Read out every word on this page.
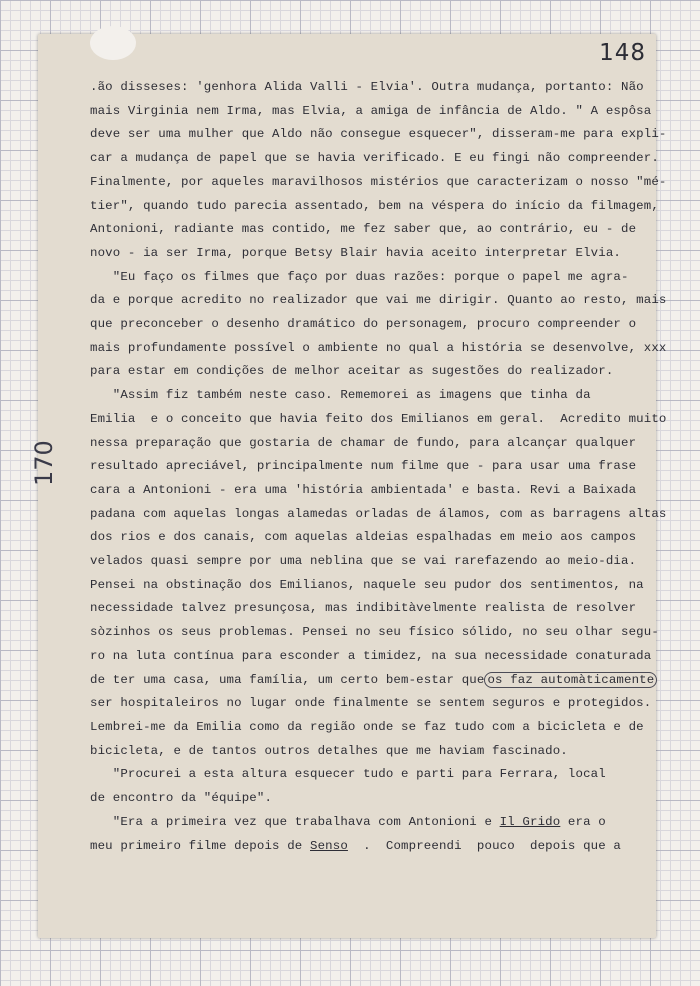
148
170
.ão disseses: 'genhora Alida Valli - Elvia'. Outra mudança, portanto: Não
mais Virginia nem Irma, mas Elvia, a amiga de infância de Aldo. " A espôsa
deve ser uma mulher que Aldo não consegue esquecer", disseram-me para expli-
car a mudança de papel que se havia verificado. E eu fingi não compreender.
Finalmente, por aqueles maravilhosos mistérios que caracterizam o nosso "mé-
tier", quando tudo parecia assentado, bem na véspera do início da filmagem,
Antonioni, radiante mas contido, me fez saber que, ao contrário, eu - de
novo - ia ser Irma, porque Betsy Blair havia aceito interpretar Elvia.
"Eu faço os filmes que faço por duas razões: porque o papel me agra-
da e porque acredito no realizador que vai me dirigir. Quanto ao resto, mais
que preconceber o desenho dramático do personagem, procuro compreender o
mais profundamente possível o ambiente no qual a história se desenvolve, xxx
para estar em condições de melhor aceitar as sugestões do realizador.
"Assim fiz também neste caso. Rememorei as imagens que tinha da
Emilia  e o conceito que havia feito dos Emilianos em geral.  Acredito muito
nessa preparação que gostaria de chamar de fundo, para alcançar qualquer
resultado apreciável, principalmente num filme que - para usar uma frase
cara a Antonioni - era uma 'história ambientada' e basta. Revi a Baixada
padana com aquelas longas alamedas orladas de álamos, com as barragens altas
dos rios e dos canais, com aquelas aldeias espalhadas em meio aos campos
velados quasi sempre por uma neblina que se vai rarefazendo ao meio-dia.
Pensei na obstinação dos Emilianos, naquele seu pudor dos sentimentos, na
necessidade talvez presunçosa, mas indibitàvelmente realista de resolver
sòzinhos os seus problemas. Pensei no seu físico sólido, no seu olhar segu-
ro na luta contínua para esconder a timidez, na sua necessidade conaturada
de ter uma casa, uma família, um certo bem-estar que os faz automàticamente
ser hospitaleiros no lugar onde finalmente se sentem seguros e protegidos.
Lembrei-me da Emilia como da região onde se faz tudo com a bicicleta e de
bicicleta, e de tantos outros detalhes que me haviam fascinado.
"Procurei a esta altura esquecer tudo e parti para Ferrara, local
de encontro da "équipe".
"Era a primeira vez que trabalhava com Antonioni e Il Grido era o
meu primeiro filme depois de Senso  .  Compreendi  pouco  depois que a
